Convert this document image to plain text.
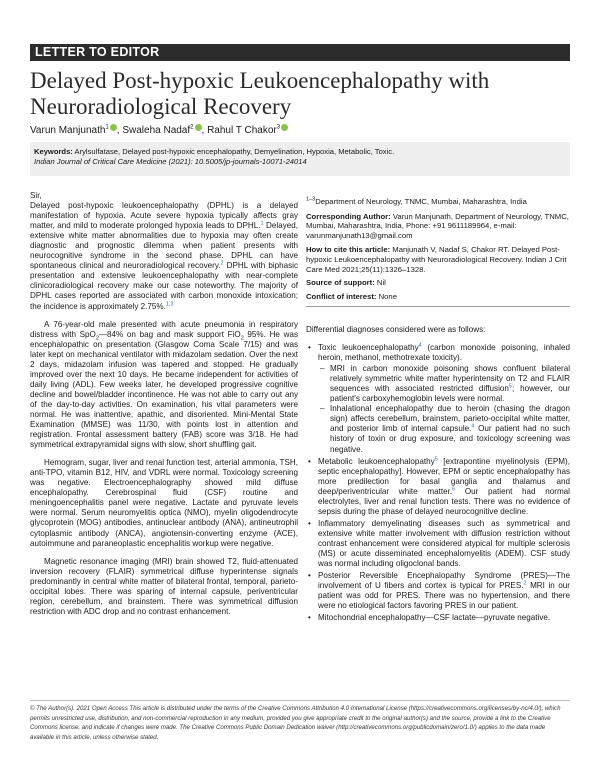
LETTER TO EDITOR
Delayed Post-hypoxic Leukoencephalopathy with Neuroradiological Recovery
Varun Manjunath$^1$ , Swaleha Nadaf$^2$ , Rahul T Chakor$^3$
Keywords: Arylsulfatase, Delayed post-hypoxic encephalopathy, Demyelination, Hypoxia, Metabolic, Toxic.
Indian Journal of Critical Care Medicine (2021): 10.5005/jp-journals-10071-24014

Sir,

Delayed post-hypoxic leukoencephalopathy (DPHL) is a delayed manifestation of hypoxia. Acute severe hypoxia typically affects gray matter, and mild to moderate prolonged hypoxia leads to DPHL.$^1$ Delayed, extensive white matter abnormalities due to hypoxia may often create diagnostic and prognostic dilemma when patient presents with neurocognitive syndrome in the second phase. DPHL can have spontaneous clinical and neuroradiological recovery.$^2$ DPHL with biphasic presentation and extensive leukoencephalopathy with near-complete clinicoradiological recovery make our case noteworthy. The majority of DPHL cases reported are associated with carbon monoxide intoxication; the incidence is approximately 2.75%.$^{1,3}$

A 76-year-old male presented with acute pneumonia in respiratory distress with SpO$_2$—84% on bag and mask support FiO$_2$ 95%. He was encephalopathic on presentation (Glasgow Coma Scale 7/15) and was later kept on mechanical ventilator with midazolam sedation. Over the next 2 days, midazolam infusion was tapered and stopped. He gradually improved over the next 10 days. He became independent for activities of daily living (ADL). Few weeks later, he developed progressive cognitive decline and bowel/bladder incontinence. He was not able to carry out any of the day-to-day activities. On examination, his vital parameters were normal. He was inattentive, apathic, and disoriented. Mini-Mental State Examination (MMSE) was 11/30, with points lost in attention and registration. Frontal assessment battery (FAB) score was 3/18. He had symmetrical extrapyramidal signs with slow, short shuffling gait.

Hemogram, sugar, liver and renal function test, arterial ammonia, TSH, anti-TPO, vitamin B12, HIV, and VDRL were normal. Toxicology screening was negative. Electroencephalography showed mild diffuse encephalopathy. Cerebrospinal fluid (CSF) routine and meningoencephalitis panel were negative. Lactate and pyruvate levels were normal. Serum neuromyelitis optica (NMO), myelin oligodendrocyte glycoprotein (MOG) antibodies, antinuclear antibody (ANA), antineutrophil cytoplasmic antibody (ANCA), angiotensin-converting enzyme (ACE), autoimmune and paraneoplastic encephalitis workup were negative.

Magnetic resonance imaging (MRI) brain showed T2, fluid-attenuated inversion recovery (FLAIR) symmetrical diffuse hyperintense signals predominantly in central white matter of bilateral frontal, temporal, parieto-occipital lobes. There was sparing of internal capsule, periventricular region, cerebellum, and brainstem. There was symmetrical diffusion restriction with ADC drop and no contrast enhancement.

$^{1-3}$Department of Neurology, TNMC, Mumbai, Maharashtra, India

Corresponding Author: Varun Manjunath, Department of Neurology, TNMC, Mumbai, Maharashtra, India, Phone: +91 9611189964, e-mail: varunmanjunath13@gmail.com

How to cite this article: Manjunath V, Nadaf S, Chakor RT. Delayed Post-hypoxic Leukoencephalopathy with Neuroradiological Recovery. Indian J Crit Care Med 2021;25(11):1326–1328.

Source of support: Nil

Conflict of interest: None

Differential diagnoses considered were as follows:

• Toxic leukoencephalopathy$^4$ (carbon monoxide poisoning, inhaled heroin, methanol, methotrexate toxicity).
– MRI in carbon monoxide poisoning shows confluent bilateral relatively symmetric white matter hyperintensity on T2 and FLAIR sequences with associated restricted diffusion$^5$; however, our patient's carboxyhemoglobin levels were normal.
– Inhalational encephalopathy due to heroin (chasing the dragon sign) affects cerebellum, brainstem, parieto-occipital white matter, and posterior limb of internal capsule.$^4$ Our patient had no such history of toxin or drug exposure, and toxicology screening was negative.
• Metabolic leukoencephalopathy$^5$ [extrapontine myelinolysis (EPM), septic encephalopathy]. However, EPM or septic encephalopathy has more predilection for basal ganglia and thalamus and deep/periventricular white matter.$^6$ Our patient had normal electrolytes, liver and renal function tests. There was no evidence of sepsis during the phase of delayed neurocognitive decline.
• Inflammatory demyelinating diseases such as symmetrical and extensive white matter involvement with diffusion restriction without contrast enhancement were considered atypical for multiple sclerosis (MS) or acute disseminated encephalomyelitis (ADEM). CSF study was normal including oligoclonal bands.
• Posterior Reversible Encephalopathy Syndrome (PRES)—The involvement of U fibers and cortex is typical for PRES.$^2$ MRI in our patient was odd for PRES. There was no hypertension, and there were no etiological factors favoring PRES in our patient.
• Mitochondrial encephalopathy—CSF lactate—pyruvate negative.
© The Author(s). 2021 Open Access This article is distributed under the terms of the Creative Commons Attribution 4.0 International License (https://creativecommons.org/licenses/by-nc/4.0/), which permits unrestricted use, distribution, and non-commercial reproduction in any medium, provided you give appropriate credit to the original author(s) and the source, provide a link to the Creative Commons license, and indicate if changes were made. The Creative Commons Public Domain Dedication waiver (http://creativecommons.org/publicdomain/zero/1.0/) applies to the data made available in this article, unless otherwise stated.
